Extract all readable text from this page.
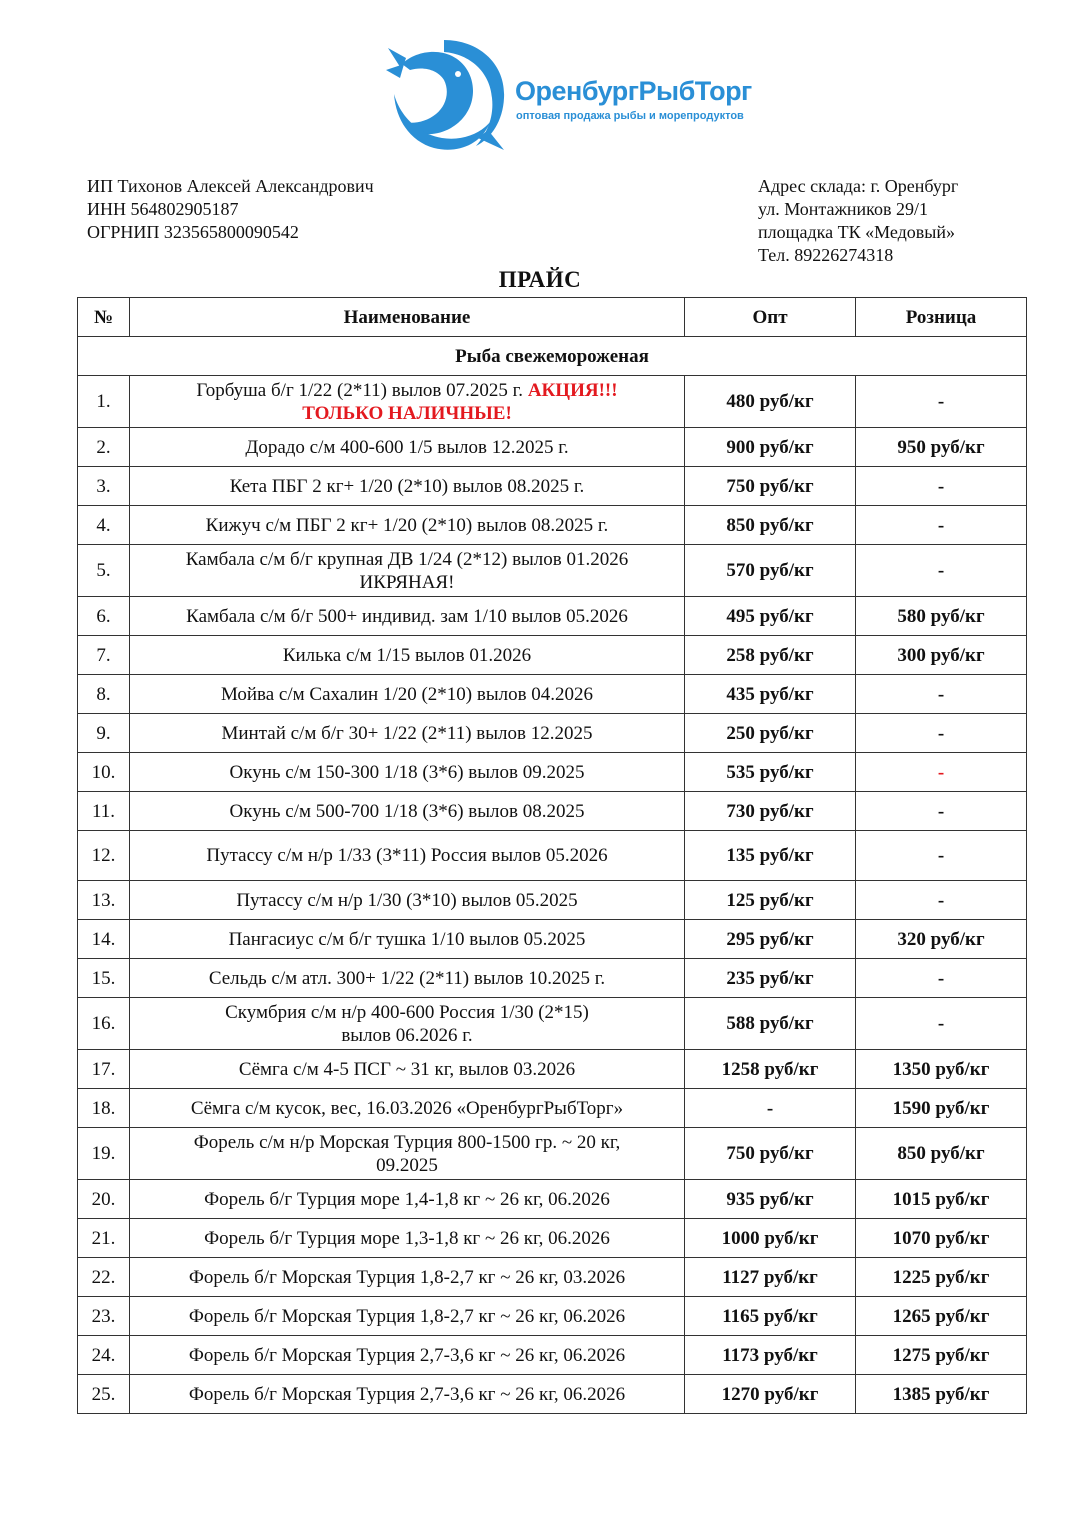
ОренбургРыбТорг
оптовая продажа рыбы и морепродуктов
ИП Тихонов Алексей Александрович
ИНН 564802905187
ОГРНИП 323565800090542
Адрес склада: г. Оренбург
ул. Монтажников 29/1
площадка ТК «Медовый»
Тел. 89226274318
ПРАЙС
№	Наименование	Опт	Розница
Рыба свежемороженая			
1.	Горбуша б/г 1/22 (2*11) вылов 07.2025 г. АКЦИЯ!!!
ТОЛЬКО НАЛИЧНЫЕ!	480 руб/кг	-
2.	Дорадо с/м 400-600 1/5 вылов 12.2025 г.	900 руб/кг	950 руб/кг
3.	Кета ПБГ 2 кг+ 1/20 (2*10) вылов 08.2025 г.	750 руб/кг	-
4.	Кижуч с/м ПБГ 2 кг+ 1/20 (2*10) вылов 08.2025 г.	850 руб/кг	-
5.	Камбала с/м б/г крупная ДВ 1/24 (2*12) вылов 01.2026
ИКРЯНАЯ!	570 руб/кг	-
6.	Камбала с/м б/г 500+ индивид. зам 1/10 вылов 05.2026	495 руб/кг	580 руб/кг
7.	Килька с/м 1/15 вылов 01.2026	258 руб/кг	300 руб/кг
8.	Мойва с/м Сахалин 1/20 (2*10) вылов 04.2026	435 руб/кг	-
9.	Минтай с/м б/г 30+ 1/22 (2*11) вылов 12.2025	250 руб/кг	-
10.	Окунь с/м 150-300 1/18 (3*6) вылов 09.2025	535 руб/кг	-
11.	Окунь с/м 500-700 1/18 (3*6) вылов 08.2025	730 руб/кг	-
12.	Путассу с/м н/р 1/33 (3*11) Россия вылов 05.2026	135 руб/кг	-
13.	Путассу с/м н/р 1/30 (3*10) вылов 05.2025	125 руб/кг	-
14.	Пангасиус с/м б/г тушка 1/10 вылов 05.2025	295 руб/кг	320 руб/кг
15.	Сельдь с/м атл. 300+ 1/22 (2*11) вылов 10.2025 г.	235 руб/кг	-
16.	Скумбрия с/м н/р 400-600 Россия 1/30 (2*15)
вылов 06.2026 г.	588 руб/кг	-
17.	Сёмга с/м 4-5 ПСГ ~ 31 кг, вылов 03.2026	1258 руб/кг	1350 руб/кг
18.	Сёмга с/м кусок, вес, 16.03.2026 «ОренбургРыбТорг»	-	1590 руб/кг
19.	Форель с/м н/р Морская Турция 800-1500 гр. ~ 20 кг,
09.2025	750 руб/кг	850 руб/кг
20.	Форель б/г Турция море 1,4-1,8 кг ~ 26 кг, 06.2026	935 руб/кг	1015 руб/кг
21.	Форель б/г Турция море 1,3-1,8 кг ~ 26 кг, 06.2026	1000 руб/кг	1070 руб/кг
22.	Форель б/г Морская Турция 1,8-2,7 кг ~ 26 кг, 03.2026	1127 руб/кг	1225 руб/кг
23.	Форель б/г Морская Турция 1,8-2,7 кг ~ 26 кг, 06.2026	1165 руб/кг	1265 руб/кг
24.	Форель б/г Морская Турция 2,7-3,6 кг ~ 26 кг, 06.2026	1173 руб/кг	1275 руб/кг
25.	Форель б/г Морская Турция 2,7-3,6 кг ~ 26 кг, 06.2026	1270 руб/кг	1385 руб/кг
